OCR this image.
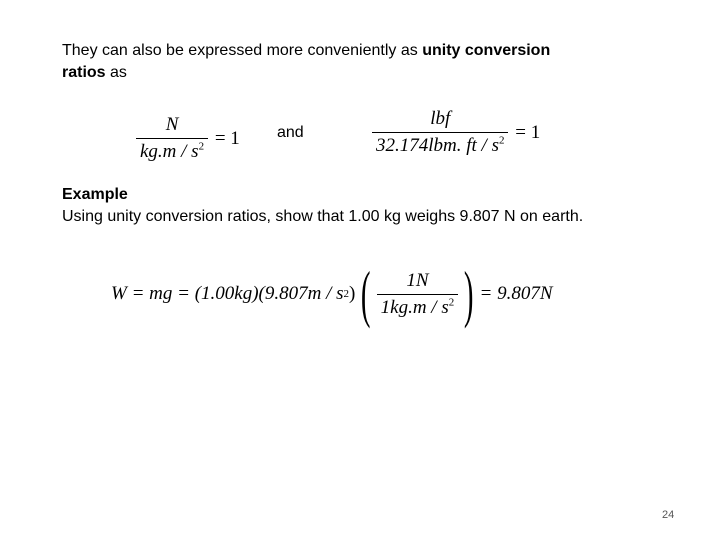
They can also be expressed more conveniently as unity conversion
ratios as
$\frac{N}{kg.m / s^2} = 1$ and	$\frac{\text{lbf}}{32.174lbm. ft / s^2} = 1$
Example
Using unity conversion ratios, show that 1.00 kg weighs 9.807 N on earth.
W = mg = (1.00kg)(9.807m / s 2 ) ( $\frac{1N}{1kg.m / s^2}$ ) = 9.807N
24
